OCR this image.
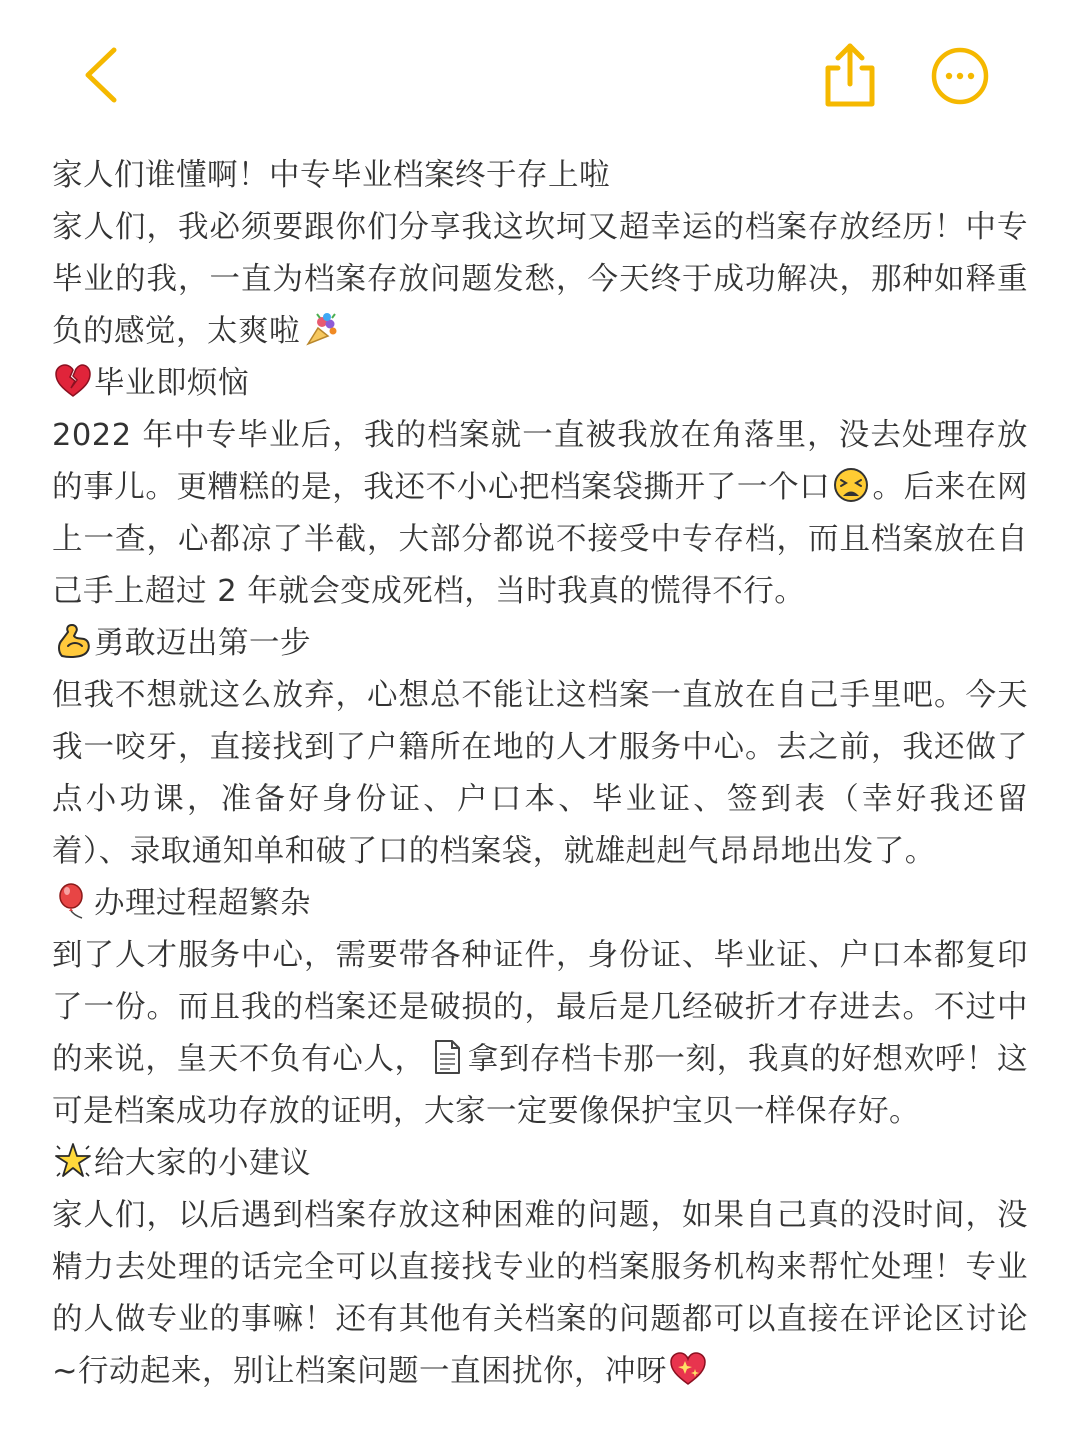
家人们谁懂啊！中专毕业档案终于存上啦

家人们，我必须要跟你们分享我这坎坷又超幸运的档案存放经历！中专毕业的我，一直为档案存放问题发愁，今天终于成功解决，那种如释重负的感觉，太爽啦

毕业即烦恼

2022 年中专毕业后，我的档案就一直被我放在角落里，没去处理存放的事儿。更糟糕的是，我还不小心把档案袋撕开了一个口 。后来在网上一查，心都凉了半截，大部分都说不接受中专存档，而且档案放在自己手上超过 2 年就会变成死档，当时我真的慌得不行。

勇敢迈出第一步

但我不想就这么放弃，心想总不能让这档案一直放在自己手里吧。今天我一咬牙，直接找到了户籍所在地的人才服务中心。去之前，我还做了点小功课，准备好身份证、户口本、毕业证、签到表（幸好我还留着）、录取通知单和破了口的档案袋，就雄赳赳气昂昂地出发了。

办理过程超繁杂

到了人才服务中心，需要带各种证件，身份证、毕业证、户口本都复印了一份。而且我的档案还是破损的，最后是几经破折才存进去。不过中的来说，皇天不负有心人， 拿到存档卡那一刻，我真的好想欢呼！这可是档案成功存放的证明，大家一定要像保护宝贝一样保存好。

给大家的小建议

家人们，以后遇到档案存放这种困难的问题，如果自己真的没时间，没精力去处理的话完全可以直接找专业的档案服务机构来帮忙处理！专业的人做专业的事嘛！还有其他有关档案的问题都可以直接在评论区讨论~行动起来，别让档案问题一直困扰你，冲呀
